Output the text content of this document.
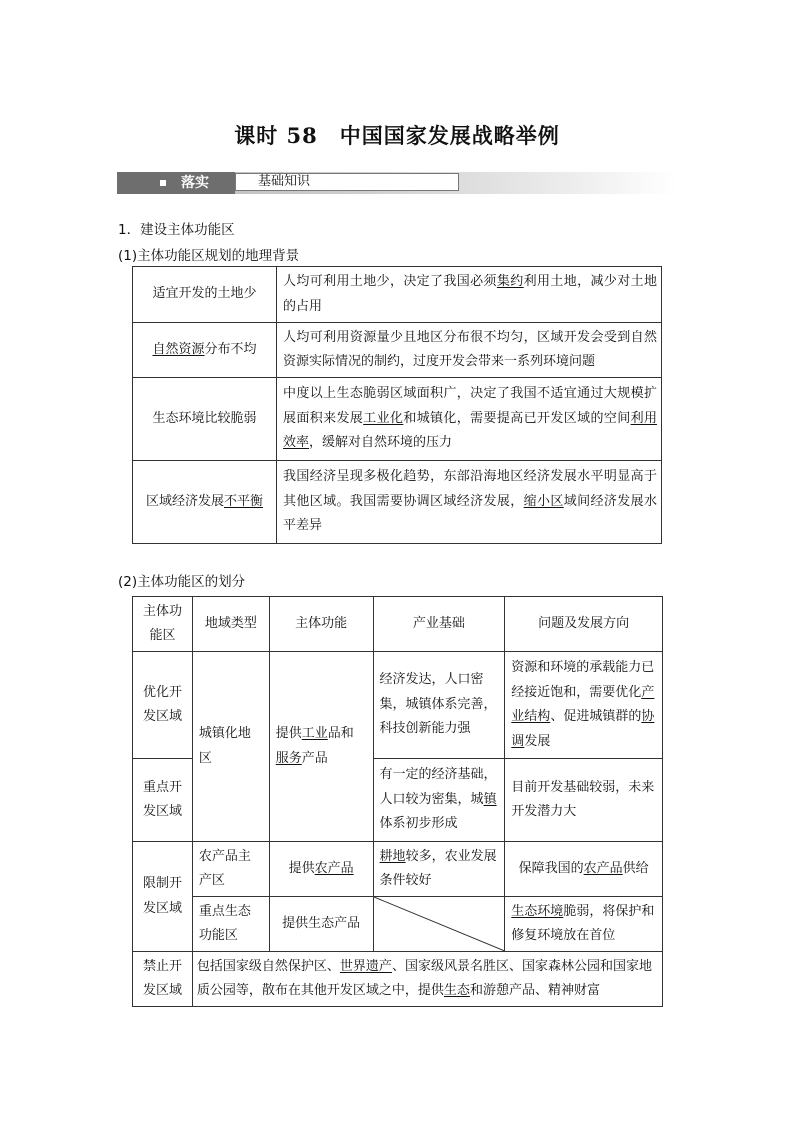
课时 58　中国国家发展战略举例
落实	基础知识
1．建设主体功能区
(1)主体功能区规划的地理背景
适宜开发的土地少	人均可利用土地少，决定了我国必须集约利用土地，减少对土地的占用
自然资源分布不均	人均可利用资源量少且地区分布很不均匀，区域开发会受到自然资源实际情况的制约，过度开发会带来一系列环境问题
生态环境比较脆弱	中度以上生态脆弱区域面积广，决定了我国不适宜通过大规模扩展面积来发展工业化和城镇化，需要提高已开发区域的空间利用效率，缓解对自然环境的压力
区域经济发展不平衡	我国经济呈现多极化趋势，东部沿海地区经济发展水平明显高于其他区域。我国需要协调区域经济发展，缩小区域间经济发展水平差异
(2)主体功能区的划分
主体功能区	地域类型	主体功能	产业基础	问题及发展方向
优化开发区域	城镇化地区	提供工业品和服务产品	经济发达，人口密集，城镇体系完善，科技创新能力强	资源和环境的承载能力已经接近饱和，需要优化产业结构、促进城镇群的协调发展
重点开发区域			有一定的经济基础，人口较为密集，城镇体系初步形成	目前开发基础较弱，未来开发潜力大
限制开发区域	农产品主产区	提供农产品	耕地较多，农业发展条件较好	保障我国的农产品供给
	重点生态功能区	提供生态产品		生态环境脆弱，将保护和修复环境放在首位
禁止开发区域	包括国家级自然保护区、世界遗产、国家级风景名胜区、国家森林公园和国家地质公园等，散布在其他开发区域之中，提供生态和游憩产品、精神财富			
